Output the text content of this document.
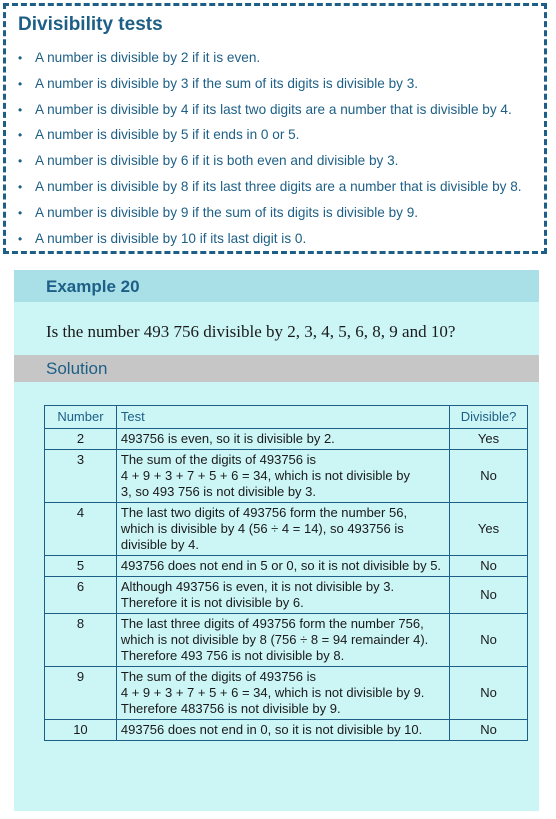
Divisibility tests
• A number is divisible by 2 if it is even.
• A number is divisible by 3 if the sum of its digits is divisible by 3.
• A number is divisible by 4 if its last two digits are a number that is divisible by 4.
• A number is divisible by 5 if it ends in 0 or 5.
• A number is divisible by 6 if it is both even and divisible by 3.
• A number is divisible by 8 if its last three digits are a number that is divisible by 8.
• A number is divisible by 9 if the sum of its digits is divisible by 9.
• A number is divisible by 10 if its last digit is 0.
Example 20
Is the number 493 756 divisible by 2, 3, 4, 5, 6, 8, 9 and 10?
Solution
Number	Test	Divisible?
2	493756 is even, so it is divisible by 2.	Yes
3	The sum of the digits of 493756 is
4 + 9 + 3 + 7 + 5 + 6 = 34, which is not divisible by
3, so 493 756 is not divisible by 3.	No
4	The last two digits of 493756 form the number 56,
which is divisible by 4 (56 ÷ 4 = 14), so 493756 is
divisible by 4.	Yes
5	493756 does not end in 5 or 0, so it is not divisible by 5.	No
6	Although 493756 is even, it is not divisible by 3.
Therefore it is not divisible by 6.	No
8	The last three digits of 493756 form the number 756,
which is not divisible by 8 (756 ÷ 8 = 94 remainder 4).
Therefore 493 756 is not divisible by 8.	No
9	The sum of the digits of 493756 is
4 + 9 + 3 + 7 + 5 + 6 = 34, which is not divisible by 9.
Therefore 483756 is not divisible by 9.	No
10	493756 does not end in 0, so it is not divisible by 10.	No
